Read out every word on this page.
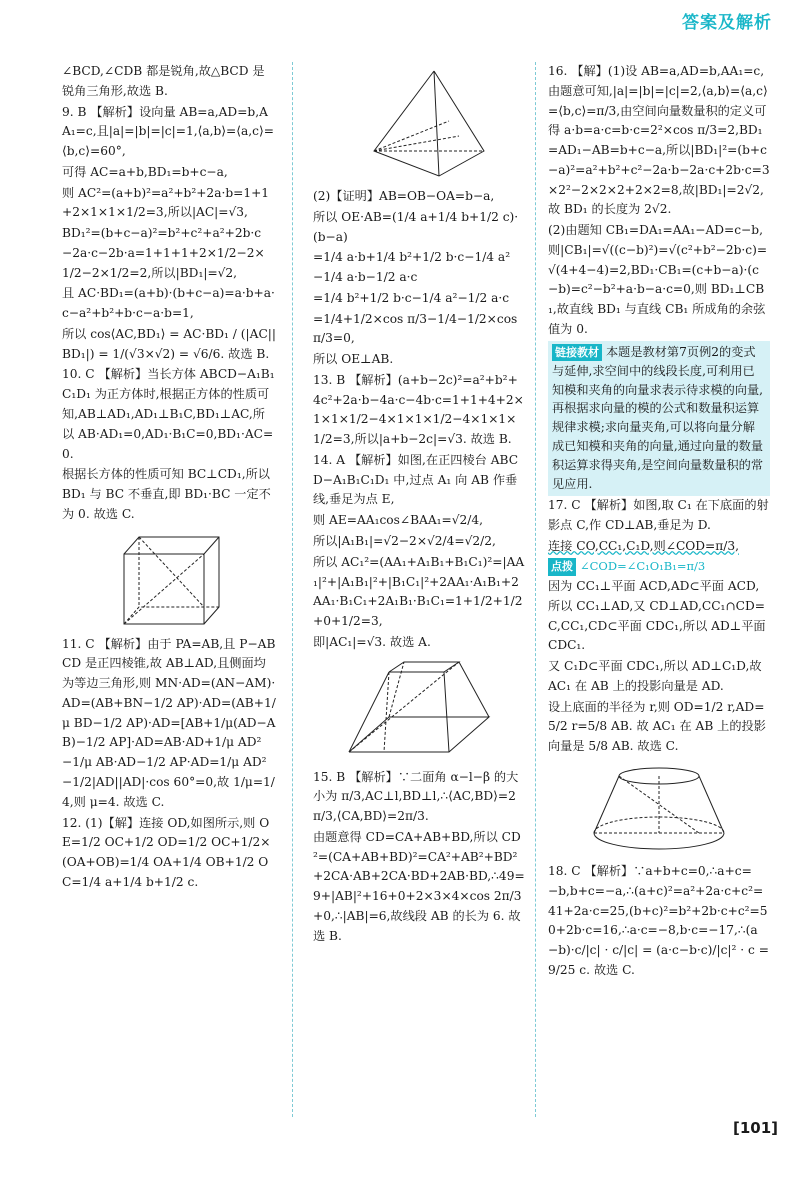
答案及解析

∠BCD,∠CDB 都是锐角,故△BCD 是锐角三角形,故选 B.

9. B 【解析】设向量 AB=a,AD=b,AA₁=c,且|a|=|b|=|c|=1,⟨a,b⟩=⟨a,c⟩=⟨b,c⟩=60°,

可得 AC=a+b,BD₁=b+c−a,

则 AC²=(a+b)²=a²+b²+2a·b=1+1+2×1×1×1/2=3,所以|AC|=√3,

BD₁²=(b+c−a)²=b²+c²+a²+2b·c−2a·c−2b·a=1+1+1+2×1/2−2×1/2−2×1/2=2,所以|BD₁|=√2,

且 AC·BD₁=(a+b)·(b+c−a)=a·b+a·c−a²+b²+b·c−a·b=1,

所以 cos⟨AC,BD₁⟩ = AC·BD₁ / (|AC||BD₁|) = 1/(√3×√2) = √6/6. 故选 B.

10. C 【解析】当长方体 ABCD−A₁B₁C₁D₁ 为正方体时,根据正方体的性质可知,AB⊥AD₁,AD₁⊥B₁C,BD₁⊥AC,所以 AB·AD₁=0,AD₁·B₁C=0,BD₁·AC=0.

根据长方体的性质可知 BC⊥CD₁,所以 BD₁ 与 BC 不垂直,即 BD₁·BC 一定不为 0. 故选 C.

11. C 【解析】由于 PA=AB,且 P−ABCD 是正四棱锥,故 AB⊥AD,且侧面均为等边三角形,则 MN·AD=(AN−AM)·AD=(AB+BN−1/2 AP)·AD=(AB+1/μ BD−1/2 AP)·AD=[AB+1/μ(AD−AB)−1/2 AP]·AD=AB·AD+1/μ AD²−1/μ AB·AD−1/2 AP·AD=1/μ AD²−1/2|AD||AD|·cos 60°=0,故 1/μ=1/4,则 μ=4. 故选 C.

12. (1)【解】连接 OD,如图所示,则 OE=1/2 OC+1/2 OD=1/2 OC+1/2×(OA+OB)=1/4 OA+1/4 OB+1/2 OC=1/4 a+1/4 b+1/2 c.

(2)【证明】AB=OB−OA=b−a,

所以 OE·AB=(1/4 a+1/4 b+1/2 c)·(b−a)

=1/4 a·b+1/4 b²+1/2 b·c−1/4 a²−1/4 a·b−1/2 a·c

=1/4 b²+1/2 b·c−1/4 a²−1/2 a·c

=1/4+1/2×cos π/3−1/4−1/2×cos π/3=0,

所以 OE⊥AB.

13. B 【解析】(a+b−2c)²=a²+b²+4c²+2a·b−4a·c−4b·c=1+1+4+2×1×1×1/2−4×1×1×1/2−4×1×1×1/2=3,所以|a+b−2c|=√3. 故选 B.

14. A 【解析】如图,在正四棱台 ABCD−A₁B₁C₁D₁ 中,过点 A₁ 向 AB 作垂线,垂足为点 E,

则 AE=AA₁cos∠BAA₁=√2/4,

所以|A₁B₁|=√2−2×√2/4=√2/2,

所以 AC₁²=(AA₁+A₁B₁+B₁C₁)²=|AA₁|²+|A₁B₁|²+|B₁C₁|²+2AA₁·A₁B₁+2AA₁·B₁C₁+2A₁B₁·B₁C₁=1+1/2+1/2+0+1/2=3,

即|AC₁|=√3. 故选 A.

15. B 【解析】∵二面角 α−l−β 的大小为 π/3,AC⊥l,BD⊥l,∴⟨AC,BD⟩=2π/3,⟨CA,BD⟩=2π/3.

由题意得 CD=CA+AB+BD,所以 CD²=(CA+AB+BD)²=CA²+AB²+BD²+2CA·AB+2CA·BD+2AB·BD,∴49=9+|AB|²+16+0+2×3×4×cos 2π/3+0,∴|AB|=6,故线段 AB 的长为 6. 故选 B.

16. 【解】(1)设 AB=a,AD=b,AA₁=c,由题意可知,|a|=|b|=|c|=2,⟨a,b⟩=⟨a,c⟩=⟨b,c⟩=π/3,由空间向量数量积的定义可得 a·b=a·c=b·c=2²×cos π/3=2,BD₁=AD₁−AB=b+c−a,所以|BD₁|²=(b+c−a)²=a²+b²+c²−2a·b−2a·c+2b·c=3×2²−2×2×2+2×2=8,故|BD₁|=2√2,故 BD₁ 的长度为 2√2.

(2)由题知 CB₁=DA₁=AA₁−AD=c−b,则|CB₁|=√((c−b)²)=√(c²+b²−2b·c)=√(4+4−4)=2,BD₁·CB₁=(c+b−a)·(c−b)=c²−b²+a·b−a·c=0,则 BD₁⊥CB₁,故直线 BD₁ 与直线 CB₁ 所成角的余弦值为 0.

链接教材 本题是教材第7页例2的变式与延伸,求空间中的线段长度,可利用已知模和夹角的向量求表示待求模的向量,再根据求向量的模的公式和数量积运算规律求模;求向量夹角,可以将向量分解成已知模和夹角的向量,通过向量的数量积运算求得夹角,是空间向量数量积的常见应用.

17. C 【解析】如图,取 C₁ 在下底面的射影点 C,作 CD⊥AB,垂足为 D.

连接 CO,CC₁,C₁D,则∠COD=π/3,

点拨 ∠COD=∠C₁O₁B₁=π/3

因为 CC₁⊥平面 ACD,AD⊂平面 ACD,所以 CC₁⊥AD,又 CD⊥AD,CC₁∩CD=C,CC₁,CD⊂平面 CDC₁,所以 AD⊥平面 CDC₁.

又 C₁D⊂平面 CDC₁,所以 AD⊥C₁D,故 AC₁ 在 AB 上的投影向量是 AD.

设上底面的半径为 r,则 OD=1/2 r,AD=5/2 r=5/8 AB. 故 AC₁ 在 AB 上的投影向量是 5/8 AB. 故选 C.

18. C 【解析】∵a+b+c=0,∴a+c=−b,b+c=−a,∴(a+c)²=a²+2a·c+c²=41+2a·c=25,(b+c)²=b²+2b·c+c²=50+2b·c=16,∴a·c=−8,b·c=−17,∴(a−b)·c/|c| · c/|c| = (a·c−b·c)/|c|² · c = 9/25 c. 故选 C.

[101]
